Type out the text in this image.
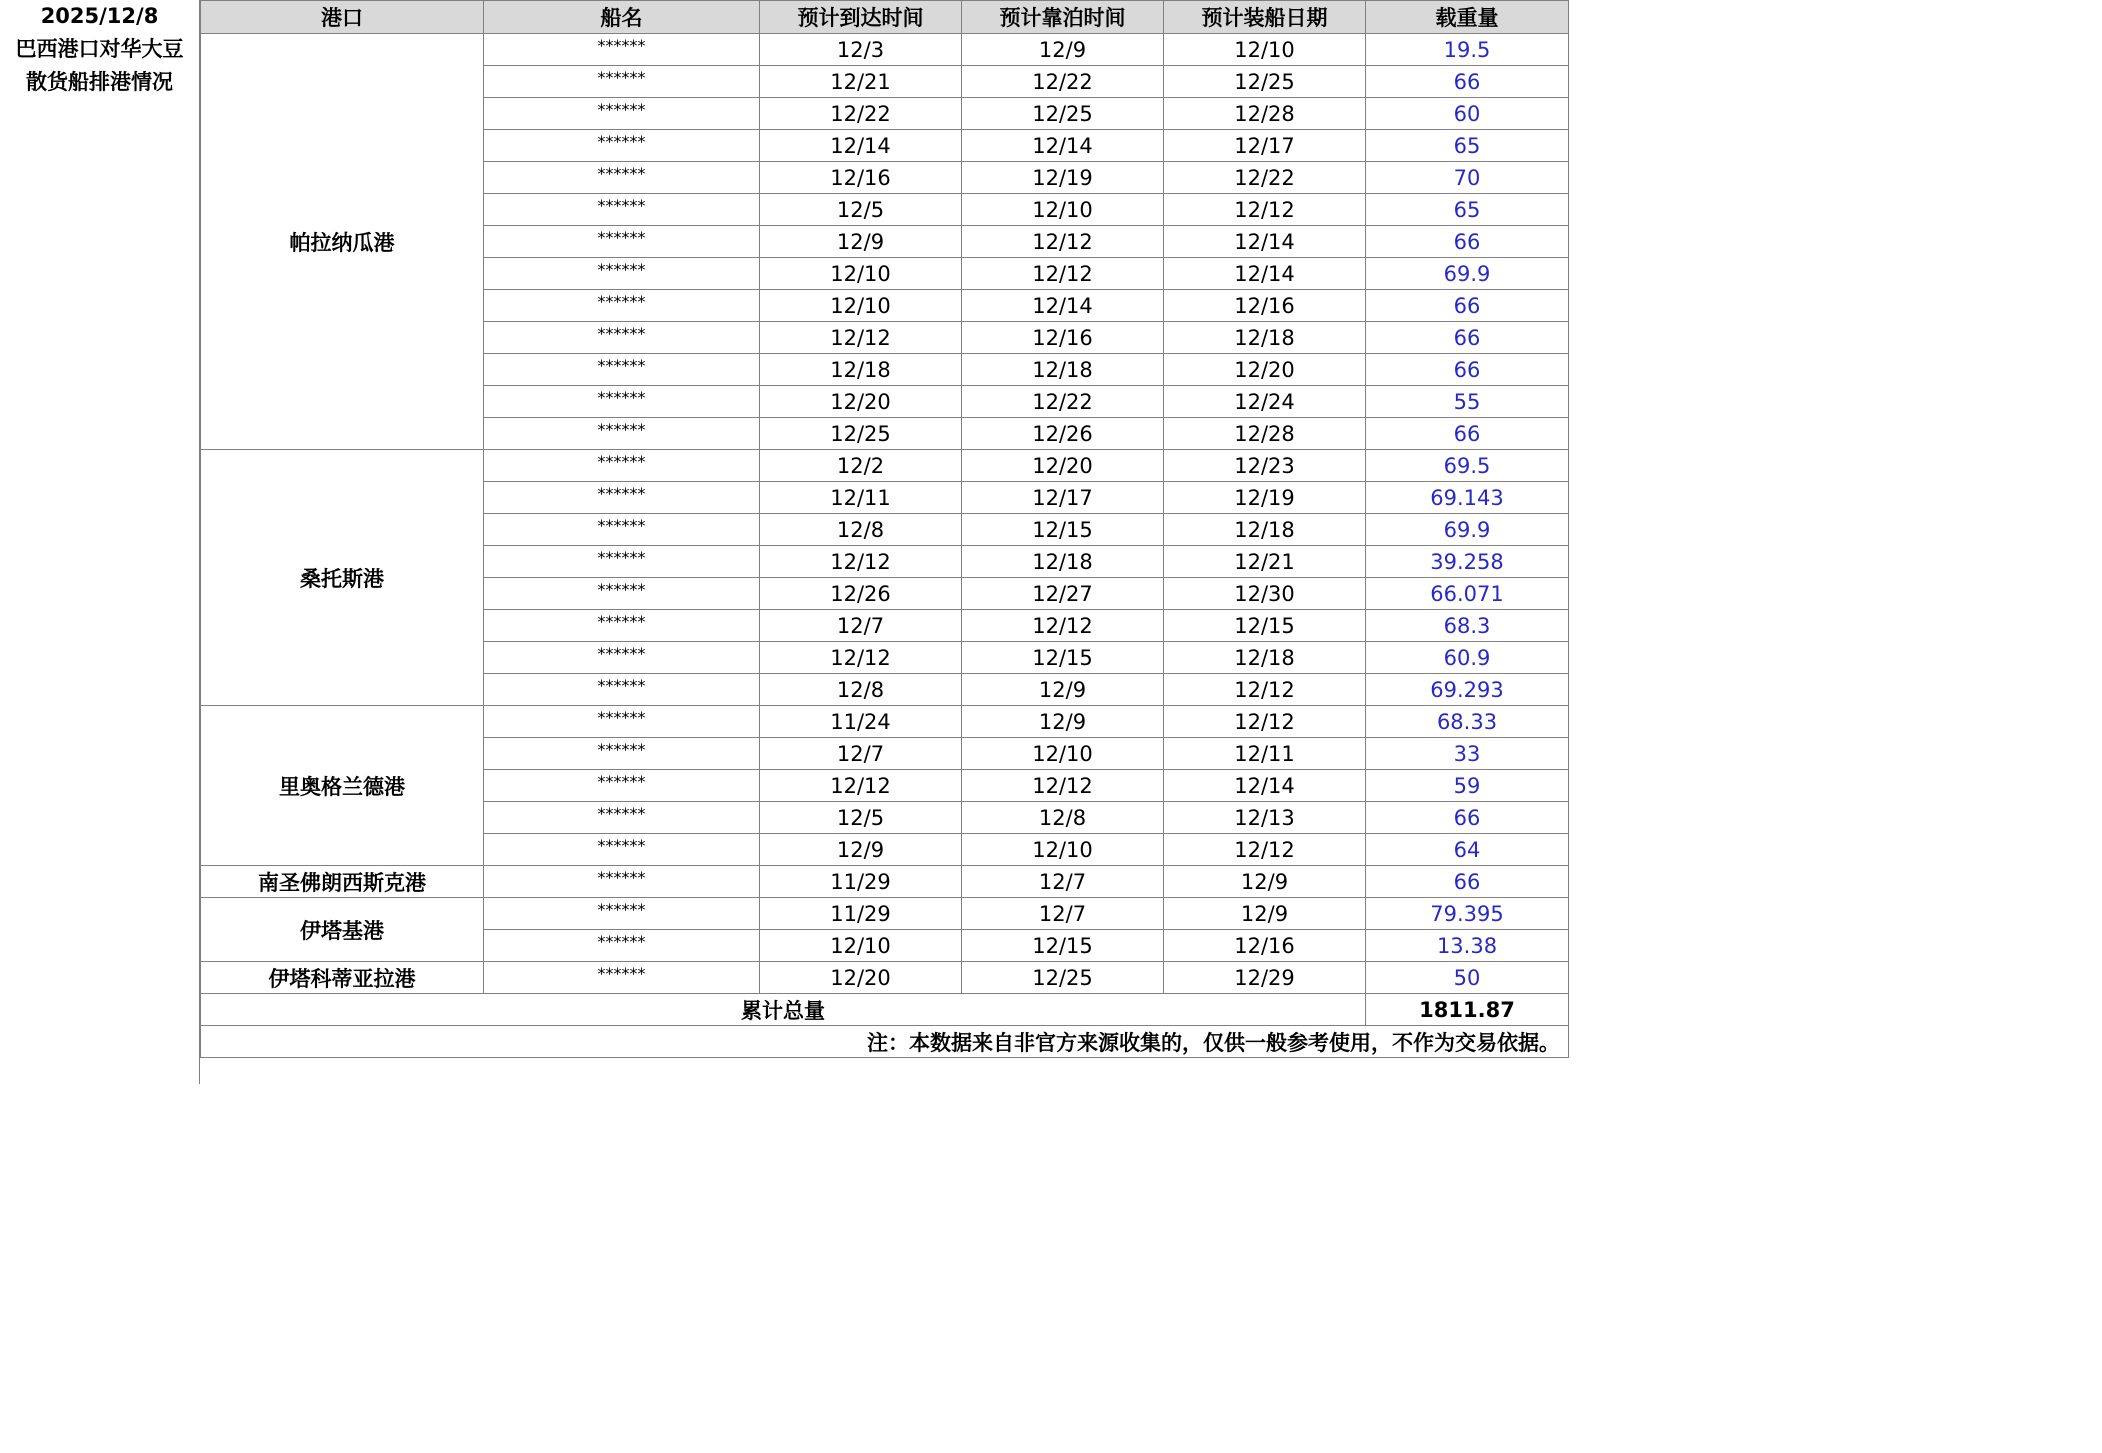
2025/12/8
巴西港口对华大豆
散货船排港情况
港口	船名	预计到达时间	预计靠泊时间	预计装船日期	载重量
帕拉纳瓜港	******	12/3	12/9	12/10	19.5
	******	12/21	12/22	12/25	66
	******	12/22	12/25	12/28	60
	******	12/14	12/14	12/17	65
	******	12/16	12/19	12/22	70
	******	12/5	12/10	12/12	65
	******	12/9	12/12	12/14	66
	******	12/10	12/12	12/14	69.9
	******	12/10	12/14	12/16	66
	******	12/12	12/16	12/18	66
	******	12/18	12/18	12/20	66
	******	12/20	12/22	12/24	55
	******	12/25	12/26	12/28	66
桑托斯港	******	12/2	12/20	12/23	69.5
	******	12/11	12/17	12/19	69.143
	******	12/8	12/15	12/18	69.9
	******	12/12	12/18	12/21	39.258
	******	12/26	12/27	12/30	66.071
	******	12/7	12/12	12/15	68.3
	******	12/12	12/15	12/18	60.9
	******	12/8	12/9	12/12	69.293
里奥格兰德港	******	11/24	12/9	12/12	68.33
	******	12/7	12/10	12/11	33
	******	12/12	12/12	12/14	59
	******	12/5	12/8	12/13	66
	******	12/9	12/10	12/12	64
南圣佛朗西斯克港	******	11/29	12/7	12/9	66
伊塔基港	******	11/29	12/7	12/9	79.395
	******	12/10	12/15	12/16	13.38
伊塔科蒂亚拉港	******	12/20	12/25	12/29	50
累计总量					1811.87
注：本数据来自非官方来源收集的，仅供一般参考使用，不作为交易依据。					
